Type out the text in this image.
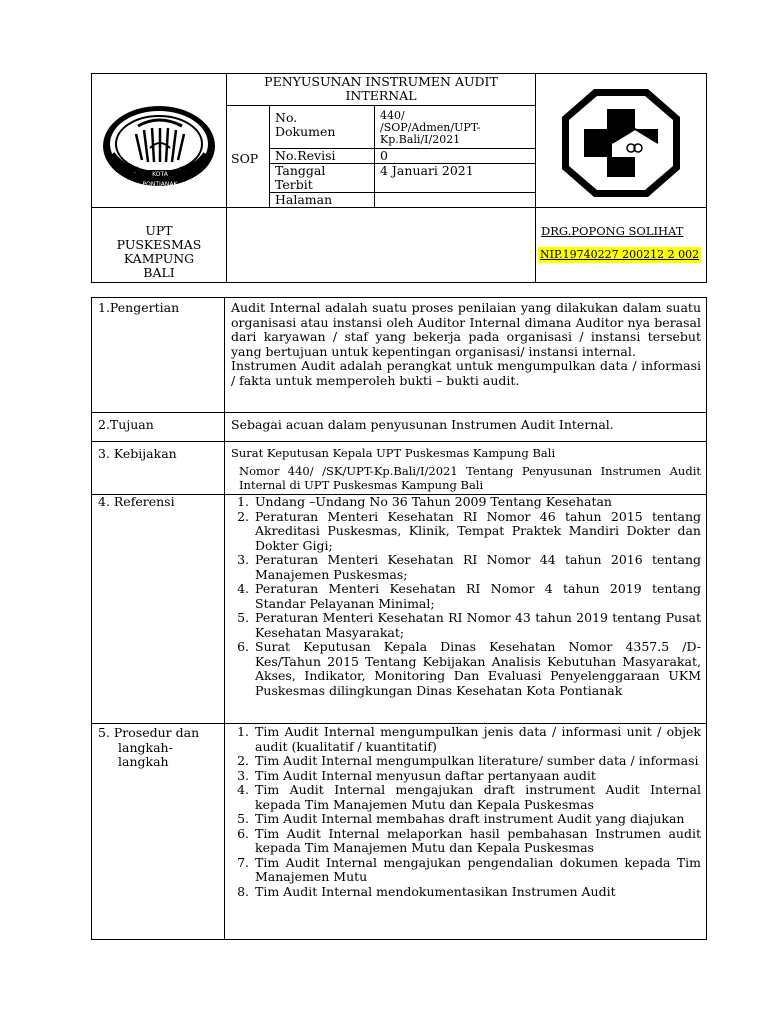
KOTA PONTIANAK
PENYUSUNAN INSTRUMEN AUDIT
INTERNAL
SOP
No.
Dokumen
440/
/SOP/Admen/UPT-
Kp.Bali/I/2021
No.Revisi	0
Tanggal
Terbit
4 Januari 2021
Halaman
UPT
PUSKESMAS
KAMPUNG
BALI
DRG.POPONG SOLIHAT
NIP.19740227 200212 2 002
1.Pengertian	Audit Internal adalah suatu proses penilaian yang dilakukan dalam suatu organisasi atau instansi oleh Auditor Internal dimana Auditor nya berasal dari karyawan / staf yang bekerja pada organisasi / instansi tersebut yang bertujuan untuk kepentingan organisasi/ instansi internal.
Instrumen Audit adalah perangkat untuk mengumpulkan data / informasi / fakta untuk memperoleh bukti – bukti audit.
2.Tujuan	Sebagai acuan dalam penyusunan Instrumen Audit Internal.
3. Kebijakan	Surat Keputusan Kepala UPT Puskesmas Kampung Bali
Nomor 440/ /SK/UPT-Kp.Bali/I/2021 Tentang Penyusunan Instrumen Audit Internal di UPT Puskesmas Kampung Bali
4. Referensi
1.	Undang –Undang No 36 Tahun 2009 Tentang Kesehatan
2. Peraturan Menteri Kesehatan RI Nomor 46 tahun 2015 tentang Akreditasi Puskesmas, Klinik, Tempat Praktek Mandiri Dokter dan Dokter Gigi;
3. Peraturan Menteri Kesehatan RI Nomor 44 tahun 2016 tentang Manajemen Puskesmas;
4. Peraturan Menteri Kesehatan RI Nomor 4 tahun 2019 tentang Standar Pelayanan Minimal;
5. Peraturan Menteri Kesehatan RI Nomor 43 tahun 2019 tentang Pusat Kesehatan Masyarakat;
6. Surat Keputusan Kepala Dinas Kesehatan Nomor 4357.5 /D-Kes/Tahun 2015 Tentang Kebijakan Analisis Kebutuhan Masyarakat, Akses, Indikator, Monitoring Dan Evaluasi Penyelenggaraan UKM Puskesmas dilingkungan Dinas Kesehatan Kota Pontianak
5. Prosedur dan
langkah-
langkah
1. Tim Audit Internal mengumpulkan jenis data / informasi unit / objek audit (kualitatif / kuantitatif)
2. Tim Audit Internal mengumpulkan literature/ sumber data / informasi
3. Tim Audit Internal menyusun daftar pertanyaan audit
4. Tim Audit Internal mengajukan draft instrument Audit Internal kepada Tim Manajemen Mutu dan Kepala Puskesmas
5. Tim Audit Internal membahas draft instrument Audit yang diajukan
6. Tim Audit Internal melaporkan hasil pembahasan Instrumen audit kepada Tim Manajemen Mutu dan Kepala Puskesmas
7. Tim Audit Internal mengajukan pengendalian dokumen kepada Tim Manajemen Mutu
8. Tim Audit Internal mendokumentasikan Instrumen Audit
